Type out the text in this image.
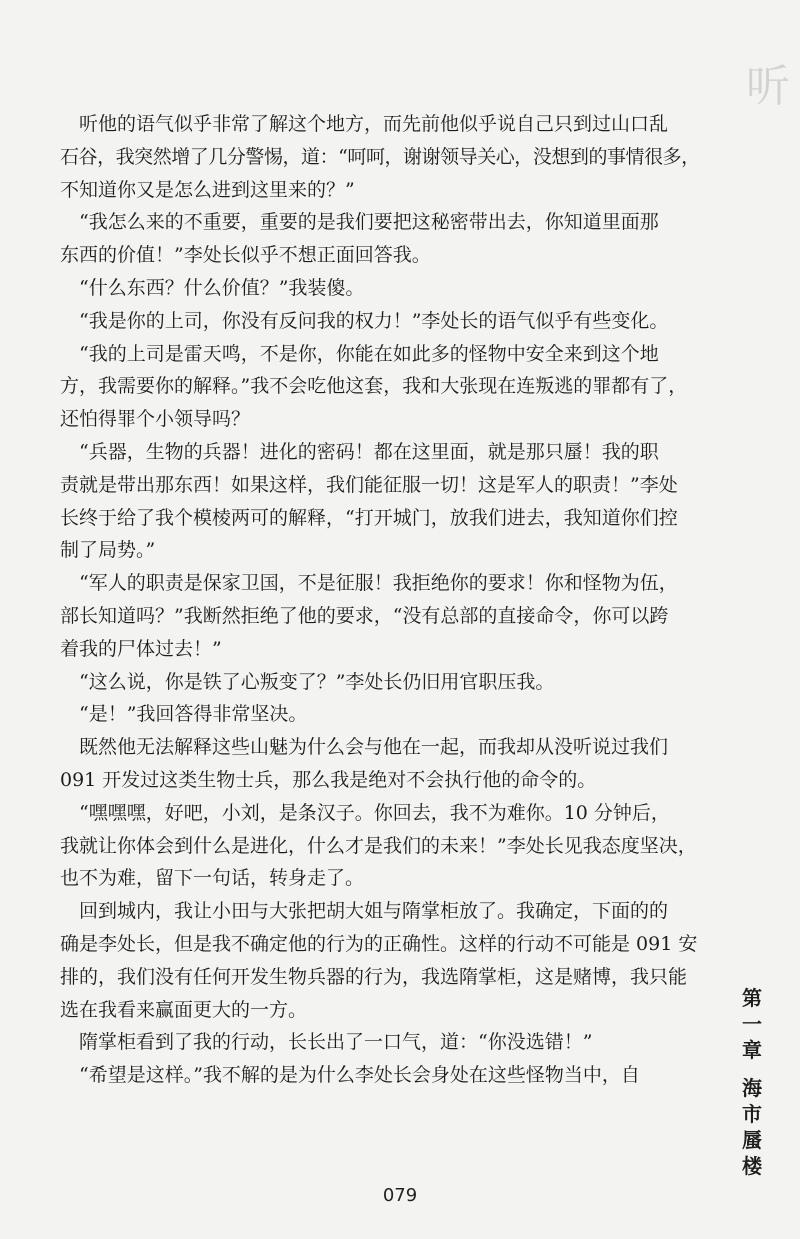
听

　听他的语气似乎非常了解这个地方，而先前他似乎说自己只到过山口乱
石谷，我突然增了几分警惕，道：“呵呵，谢谢领导关心，没想到的事情很多，
不知道你又是怎么进到这里来的？”

　“我怎么来的不重要，重要的是我们要把这秘密带出去，你知道里面那
东西的价值！”李处长似乎不想正面回答我。

　“什么东西？什么价值？”我装傻。

　“我是你的上司，你没有反问我的权力！”李处长的语气似乎有些变化。

　“我的上司是雷天鸣，不是你，你能在如此多的怪物中安全来到这个地
方，我需要你的解释。”我不会吃他这套，我和大张现在连叛逃的罪都有了，
还怕得罪个小领导吗？

　“兵器，生物的兵器！进化的密码！都在这里面，就是那只蜃！我的职
责就是带出那东西！如果这样，我们能征服一切！这是军人的职责！”李处
长终于给了我个模棱两可的解释，“打开城门，放我们进去，我知道你们控
制了局势。”

　“军人的职责是保家卫国，不是征服！我拒绝你的要求！你和怪物为伍，
部长知道吗？”我断然拒绝了他的要求，“没有总部的直接命令，你可以跨
着我的尸体过去！”

　“这么说，你是铁了心叛变了？”李处长仍旧用官职压我。

　“是！”我回答得非常坚决。

　既然他无法解释这些山魅为什么会与他在一起，而我却从没听说过我们
091 开发过这类生物士兵，那么我是绝对不会执行他的命令的。

　“嘿嘿嘿，好吧，小刘，是条汉子。你回去，我不为难你。10 分钟后，
我就让你体会到什么是进化，什么才是我们的未来！”李处长见我态度坚决，
也不为难，留下一句话，转身走了。

　回到城内，我让小田与大张把胡大姐与隋掌柜放了。我确定，下面的的
确是李处长，但是我不确定他的行为的正确性。这样的行动不可能是 091 安
排的，我们没有任何开发生物兵器的行为，我选隋掌柜，这是赌博，我只能
选在我看来赢面更大的一方。

　隋掌柜看到了我的行动，长长出了一口气，道：“你没选错！”

　“希望是这样。”我不解的是为什么李处长会身处在这些怪物当中，自

第
一
章
海
市
蜃
楼
079
